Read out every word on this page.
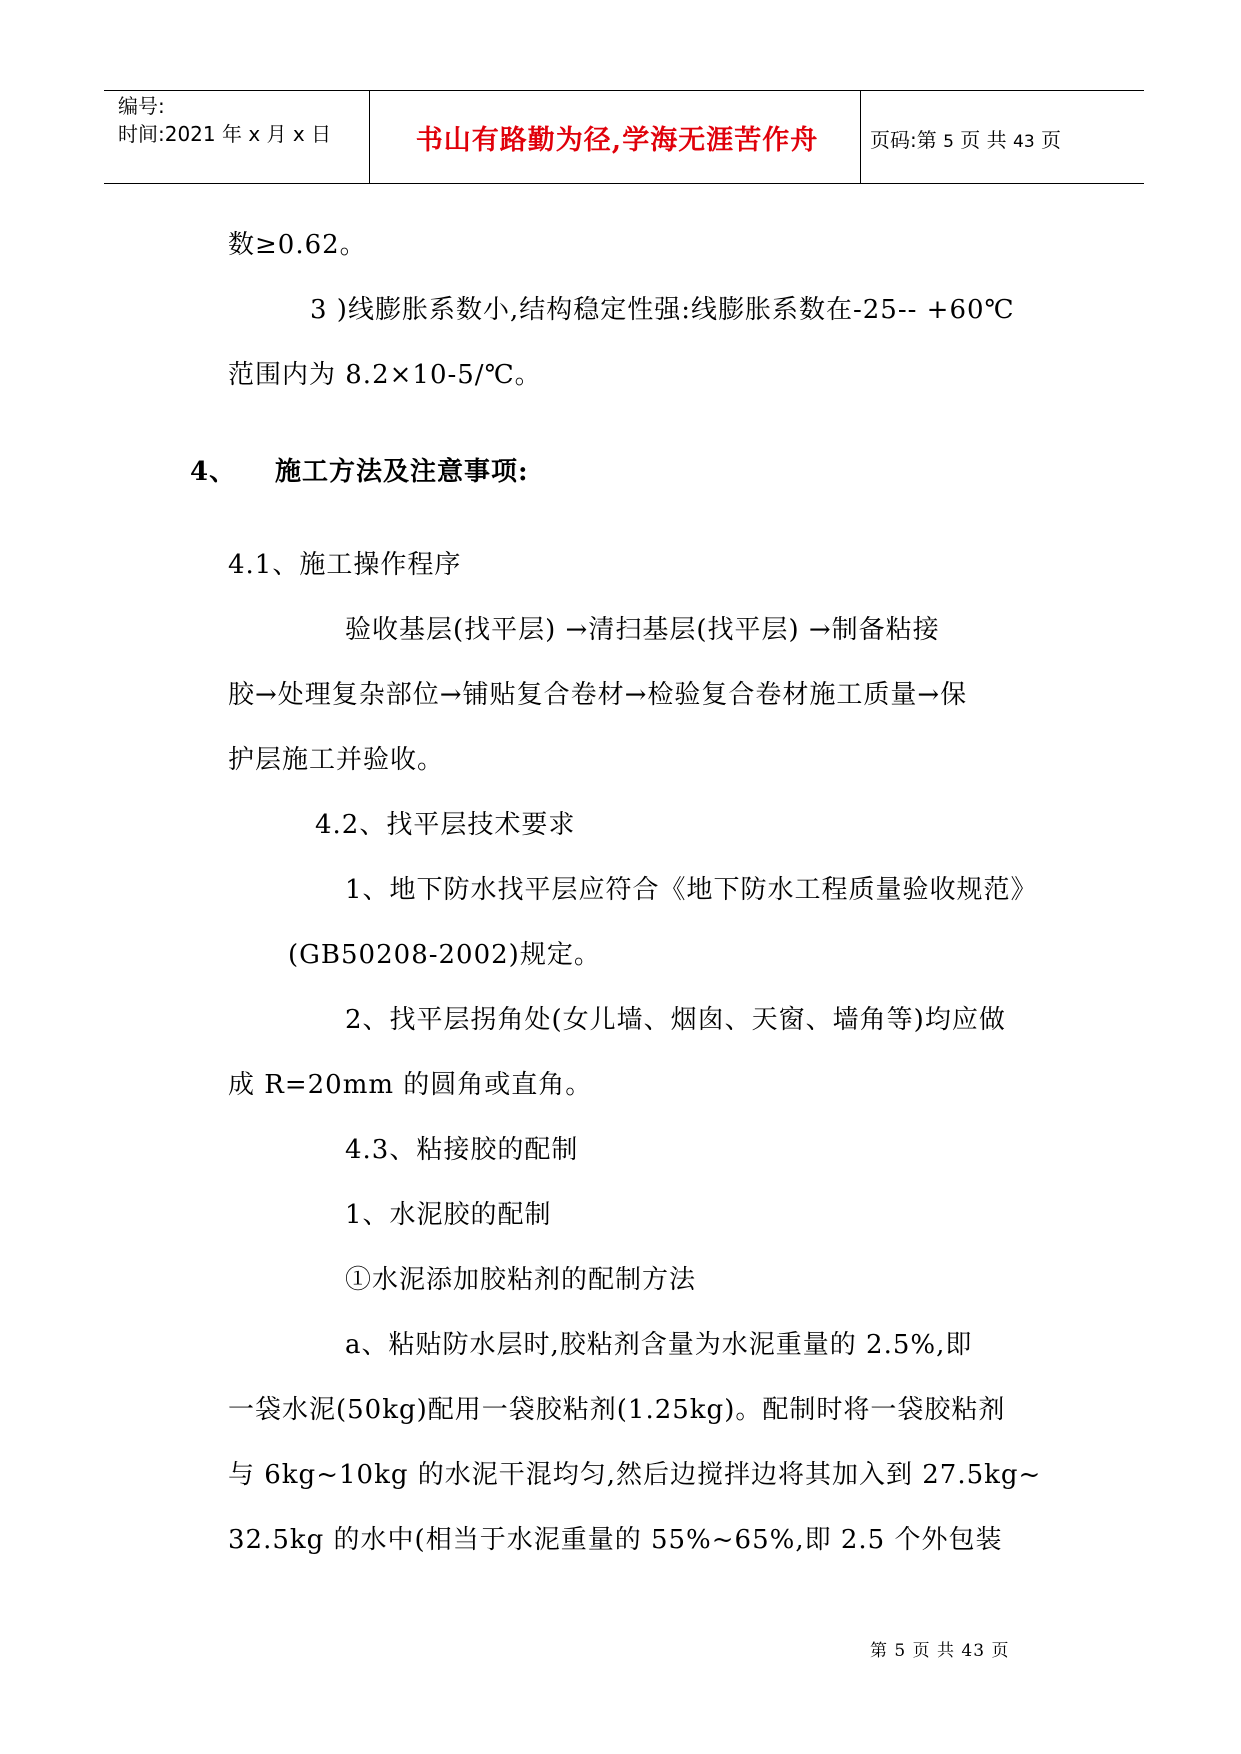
编号:
时间:2021 年 x 月 x 日	书山有路勤为径,学海无涯苦作舟	页码:第 5 页 共 43 页
数≥0.62。
3 )线膨胀系数小,结构稳定性强:线膨胀系数在-25-- +60℃
范围内为 8.2×10-5/℃。
4、 施工方法及注意事项:
4.1、施工操作程序
验收基层(找平层) →清扫基层(找平层) →制备粘接
胶→处理复杂部位→铺贴复合卷材→检验复合卷材施工质量→保
护层施工并验收。
4.2、找平层技术要求
1、地下防水找平层应符合《地下防水工程质量验收规范》
(GB50208-2002)规定。
2、找平层拐角处(女儿墙、烟囱、天窗、墙角等)均应做
成 R=20mm 的圆角或直角。
4.3、粘接胶的配制
1、水泥胶的配制
①水泥添加胶粘剂的配制方法
a、粘贴防水层时,胶粘剂含量为水泥重量的 2.5%,即
一袋水泥(50kg)配用一袋胶粘剂(1.25kg)。配制时将一袋胶粘剂
与 6kg~10kg 的水泥干混均匀,然后边搅拌边将其加入到 27.5kg~
32.5kg 的水中(相当于水泥重量的 55%~65%,即 2.5 个外包装
第 5 页 共 43 页
